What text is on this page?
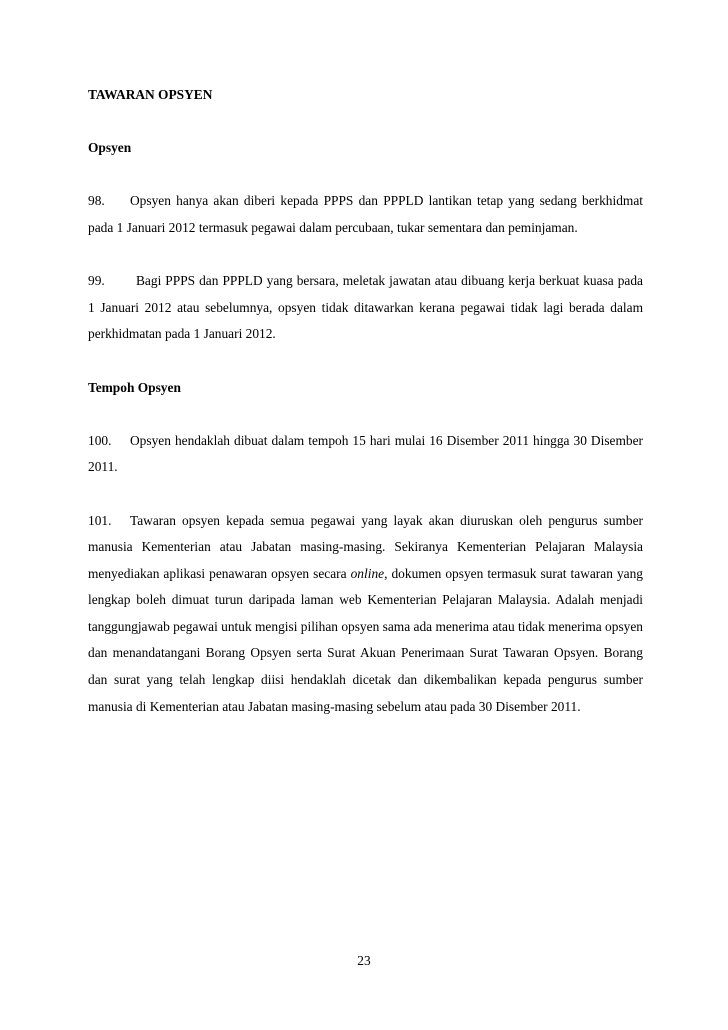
TAWARAN OPSYEN

Opsyen

98. Opsyen hanya akan diberi kepada PPPS dan PPPLD lantikan tetap yang sedang berkhidmat pada 1 Januari 2012 termasuk pegawai dalam percubaan, tukar sementara dan peminjaman.

99. Bagi PPPS dan PPPLD yang bersara, meletak jawatan atau dibuang kerja berkuat kuasa pada 1 Januari 2012 atau sebelumnya, opsyen tidak ditawarkan kerana pegawai tidak lagi berada dalam perkhidmatan pada 1 Januari 2012.

Tempoh Opsyen

100. Opsyen hendaklah dibuat dalam tempoh 15 hari mulai 16 Disember 2011 hingga 30 Disember 2011.

101. Tawaran opsyen kepada semua pegawai yang layak akan diuruskan oleh pengurus sumber manusia Kementerian atau Jabatan masing-masing. Sekiranya Kementerian Pelajaran Malaysia menyediakan aplikasi penawaran opsyen secara online, dokumen opsyen termasuk surat tawaran yang lengkap boleh dimuat turun daripada laman web Kementerian Pelajaran Malaysia. Adalah menjadi tanggungjawab pegawai untuk mengisi pilihan opsyen sama ada menerima atau tidak menerima opsyen dan menandatangani Borang Opsyen serta Surat Akuan Penerimaan Surat Tawaran Opsyen. Borang dan surat yang telah lengkap diisi hendaklah dicetak dan dikembalikan kepada pengurus sumber manusia di Kementerian atau Jabatan masing-masing sebelum atau pada 30 Disember 2011.

23
